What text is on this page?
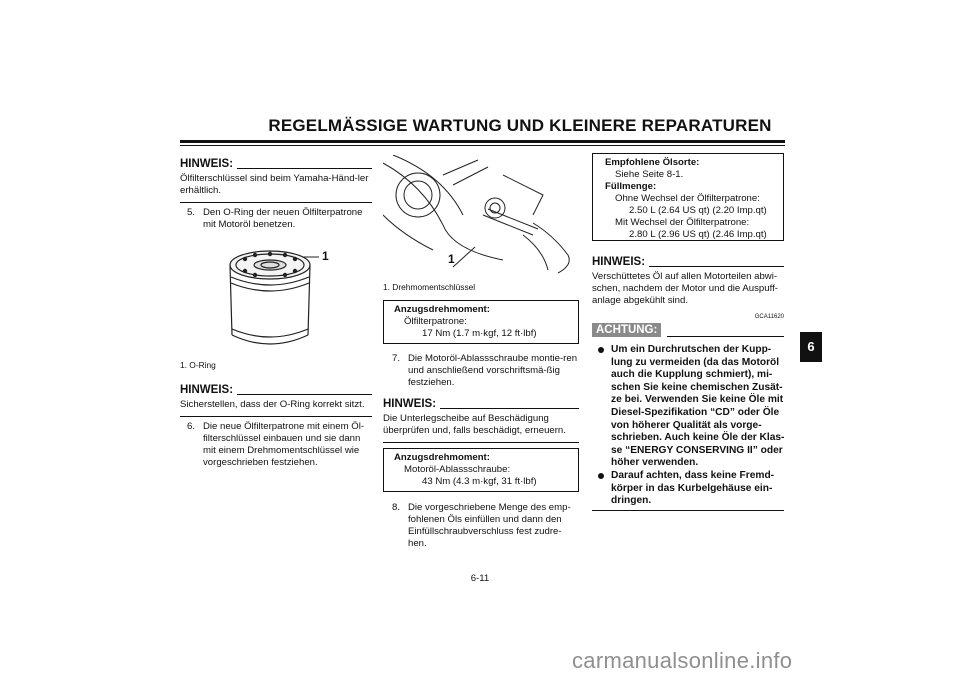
REGELMÄSSIGE WARTUNG UND KLEINERE REPARATUREN
6
HINWEIS:
Ölfilterschlüssel sind beim Yamaha-Händ-ler erhältlich.
5. Den O-Ring der neuen Ölfilterpatrone mit Motoröl benetzen.
1
1. O-Ring
HINWEIS:
Sicherstellen, dass der O-Ring korrekt sitzt.
6. Die neue Ölfilterpatrone mit einem Öl-filterschlüssel einbauen und sie dann mit einem Drehmomentschlüssel wie vorgeschrieben festziehen.
1
1. Drehmomentschlüssel
Anzugsdrehmoment:
Ölfilterpatrone:
17 Nm (1.7 m·kgf, 12 ft·lbf)
7. Die Motoröl-Ablassschraube montie-ren und anschließend vorschriftsmä-ßig festziehen.
HINWEIS:
Die Unterlegscheibe auf Beschädigung überprüfen und, falls beschädigt, erneuern.
Anzugsdrehmoment:
Motoröl-Ablassschraube:
43 Nm (4.3 m·kgf, 31 ft·lbf)
8. Die vorgeschriebene Menge des emp-fohlenen Öls einfüllen und dann den Einfüllschraubverschluss fest zudre-hen.
Empfohlene Ölsorte:
Siehe Seite 8-1.
Füllmenge:
Ohne Wechsel der Ölfilterpatrone:
2.50 L (2.64 US qt) (2.20 Imp.qt)
Mit Wechsel der Ölfilterpatrone:
2.80 L (2.96 US qt) (2.46 Imp.qt)
HINWEIS:
Verschüttetes Öl auf allen Motorteilen abwi-schen, nachdem der Motor und die Auspuff-anlage abgekühlt sind.
GCA11620
ACHTUNG:
Um ein Durchrutschen der Kupp-lung zu vermeiden (da das Motoröl auch die Kupplung schmiert), mi-schen Sie keine chemischen Zusät-ze bei. Verwenden Sie keine Öle mit Diesel-Spezifikation “CD” oder Öle von höherer Qualität als vorge-schrieben. Auch keine Öle der Klas-se “ENERGY CONSERVING II” oder höher verwenden.
Darauf achten, dass keine Fremd-körper in das Kurbelgehäuse ein-dringen.
6-11
carmanualsonline.info
